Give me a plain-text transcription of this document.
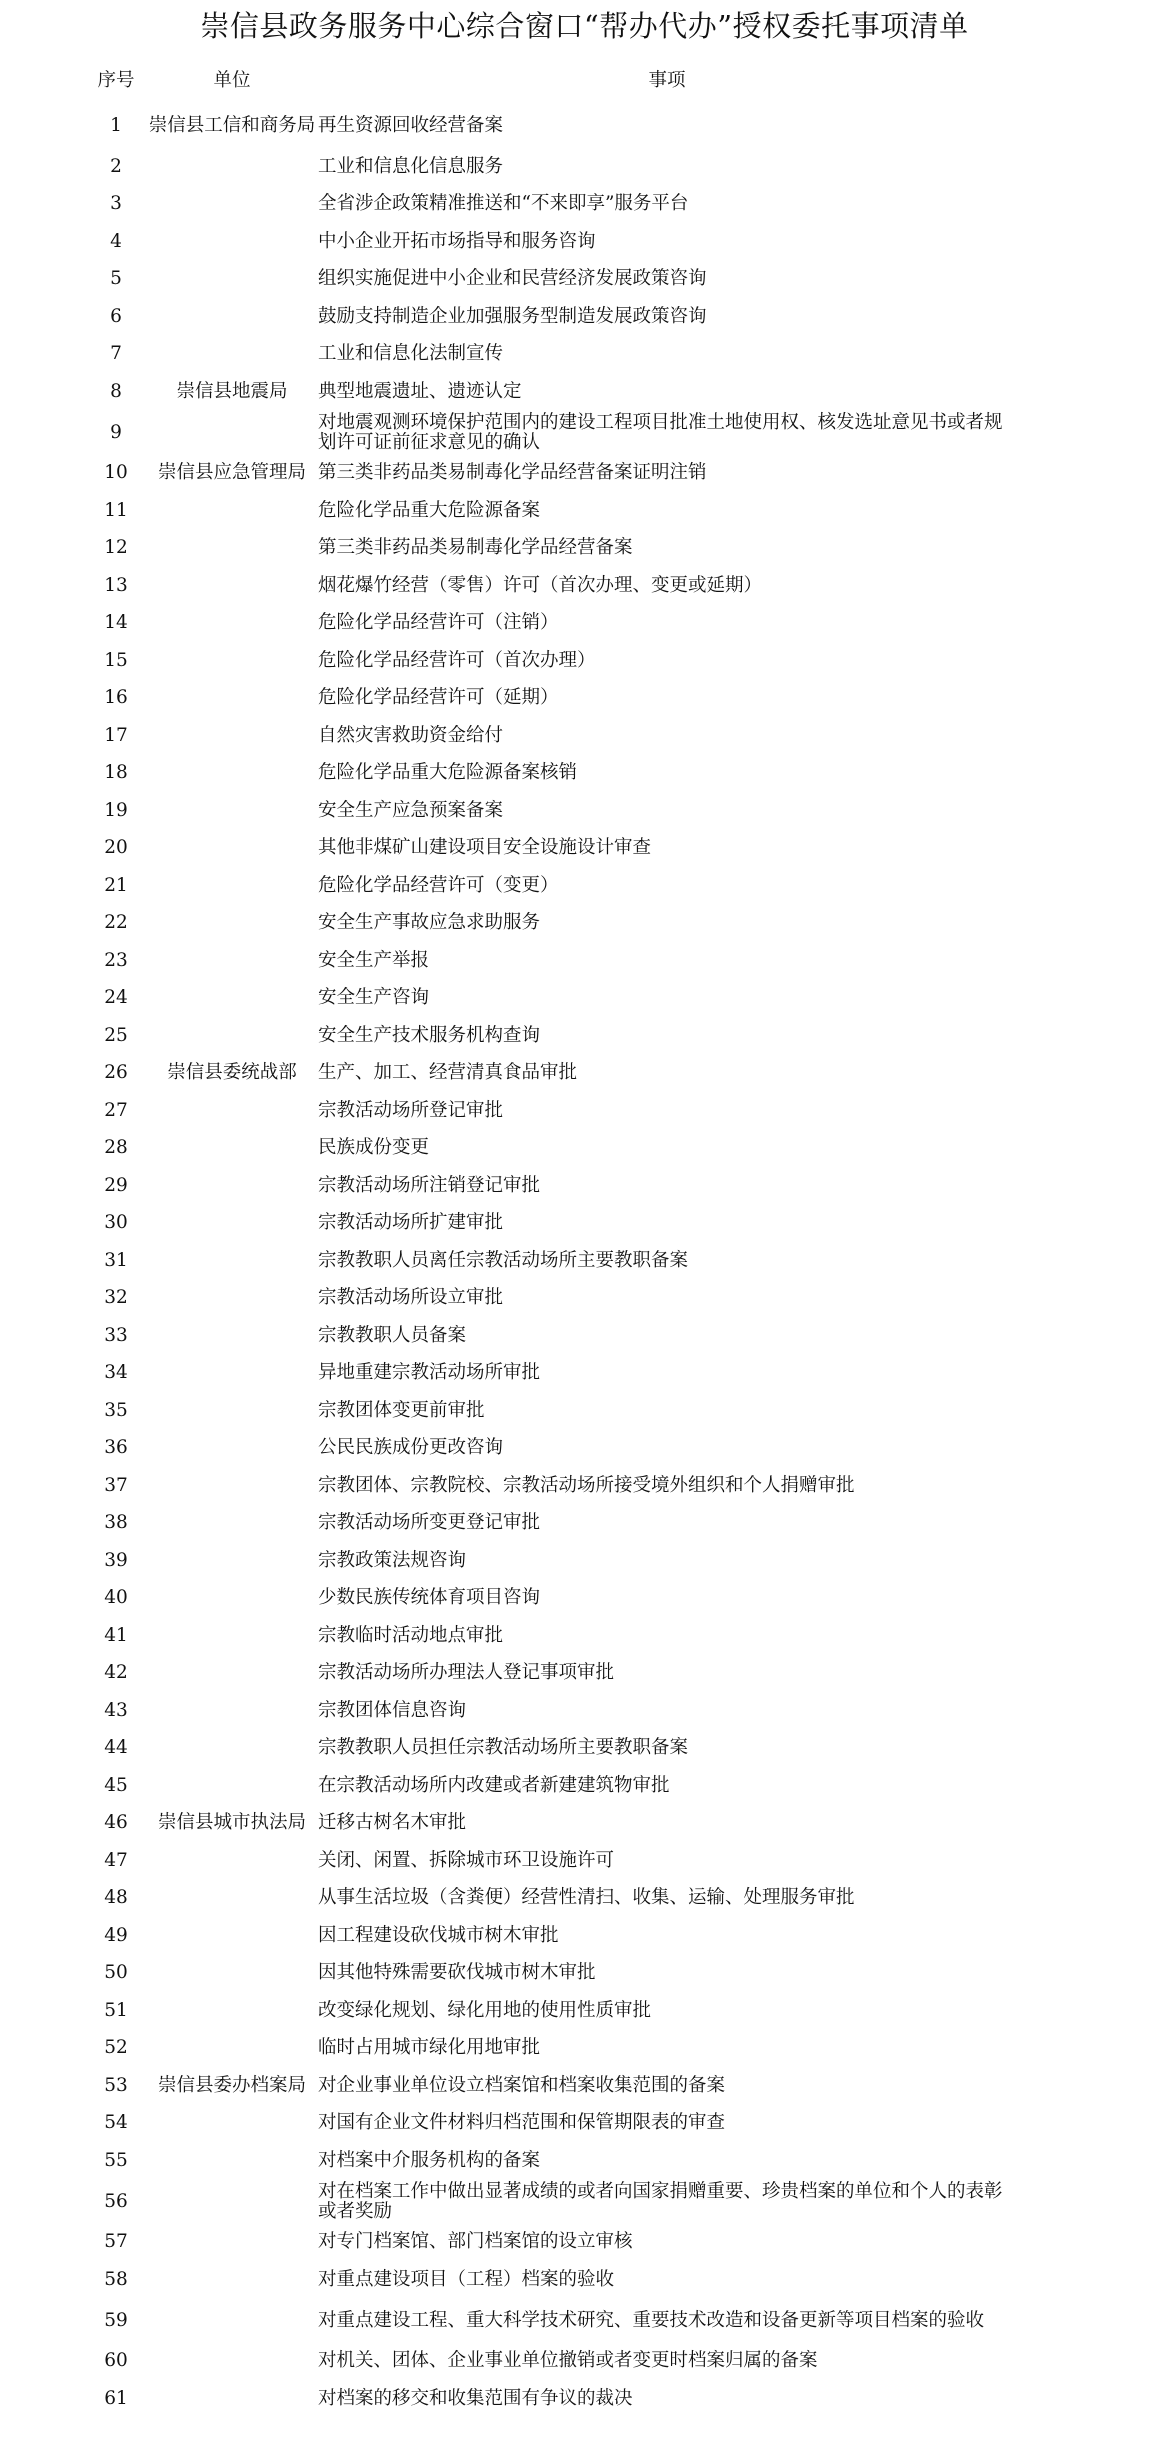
崇信县政务服务中心综合窗口“帮办代办”授权委托事项清单
序号	单位	事项
1	崇信县工信和商务局	再生资源回收经营备案
2		工业和信息化信息服务
3		全省涉企政策精准推送和“不来即享”服务平台
4		中小企业开拓市场指导和服务咨询
5		组织实施促进中小企业和民营经济发展政策咨询
6		鼓励支持制造企业加强服务型制造发展政策咨询
7		工业和信息化法制宣传
8	崇信县地震局	典型地震遗址、遗迹认定
9		对地震观测环境保护范围内的建设工程项目批准土地使用权、核发选址意见书或者规划许可证前征求意见的确认
10	崇信县应急管理局	第三类非药品类易制毒化学品经营备案证明注销
11		危险化学品重大危险源备案
12		第三类非药品类易制毒化学品经营备案
13		烟花爆竹经营（零售）许可（首次办理、变更或延期）
14		危险化学品经营许可（注销）
15		危险化学品经营许可（首次办理）
16		危险化学品经营许可（延期）
17		自然灾害救助资金给付
18		危险化学品重大危险源备案核销
19		安全生产应急预案备案
20		其他非煤矿山建设项目安全设施设计审查
21		危险化学品经营许可（变更）
22		安全生产事故应急求助服务
23		安全生产举报
24		安全生产咨询
25		安全生产技术服务机构查询
26	崇信县委统战部	生产、加工、经营清真食品审批
27		宗教活动场所登记审批
28		民族成份变更
29		宗教活动场所注销登记审批
30		宗教活动场所扩建审批
31		宗教教职人员离任宗教活动场所主要教职备案
32		宗教活动场所设立审批
33		宗教教职人员备案
34		异地重建宗教活动场所审批
35		宗教团体变更前审批
36		公民民族成份更改咨询
37		宗教团体、宗教院校、宗教活动场所接受境外组织和个人捐赠审批
38		宗教活动场所变更登记审批
39		宗教政策法规咨询
40		少数民族传统体育项目咨询
41		宗教临时活动地点审批
42		宗教活动场所办理法人登记事项审批
43		宗教团体信息咨询
44		宗教教职人员担任宗教活动场所主要教职备案
45		在宗教活动场所内改建或者新建建筑物审批
46	崇信县城市执法局	迁移古树名木审批
47		关闭、闲置、拆除城市环卫设施许可
48		从事生活垃圾（含粪便）经营性清扫、收集、运输、处理服务审批
49		因工程建设砍伐城市树木审批
50		因其他特殊需要砍伐城市树木审批
51		改变绿化规划、绿化用地的使用性质审批
52		临时占用城市绿化用地审批
53	崇信县委办档案局	对企业事业单位设立档案馆和档案收集范围的备案
54		对国有企业文件材料归档范围和保管期限表的审查
55		对档案中介服务机构的备案
56		对在档案工作中做出显著成绩的或者向国家捐赠重要、珍贵档案的单位和个人的表彰或者奖励
57		对专门档案馆、部门档案馆的设立审核
58		对重点建设项目（工程）档案的验收
59		对重点建设工程、重大科学技术研究、重要技术改造和设备更新等项目档案的验收
60		对机关、团体、企业事业单位撤销或者变更时档案归属的备案
61		对档案的移交和收集范围有争议的裁决
